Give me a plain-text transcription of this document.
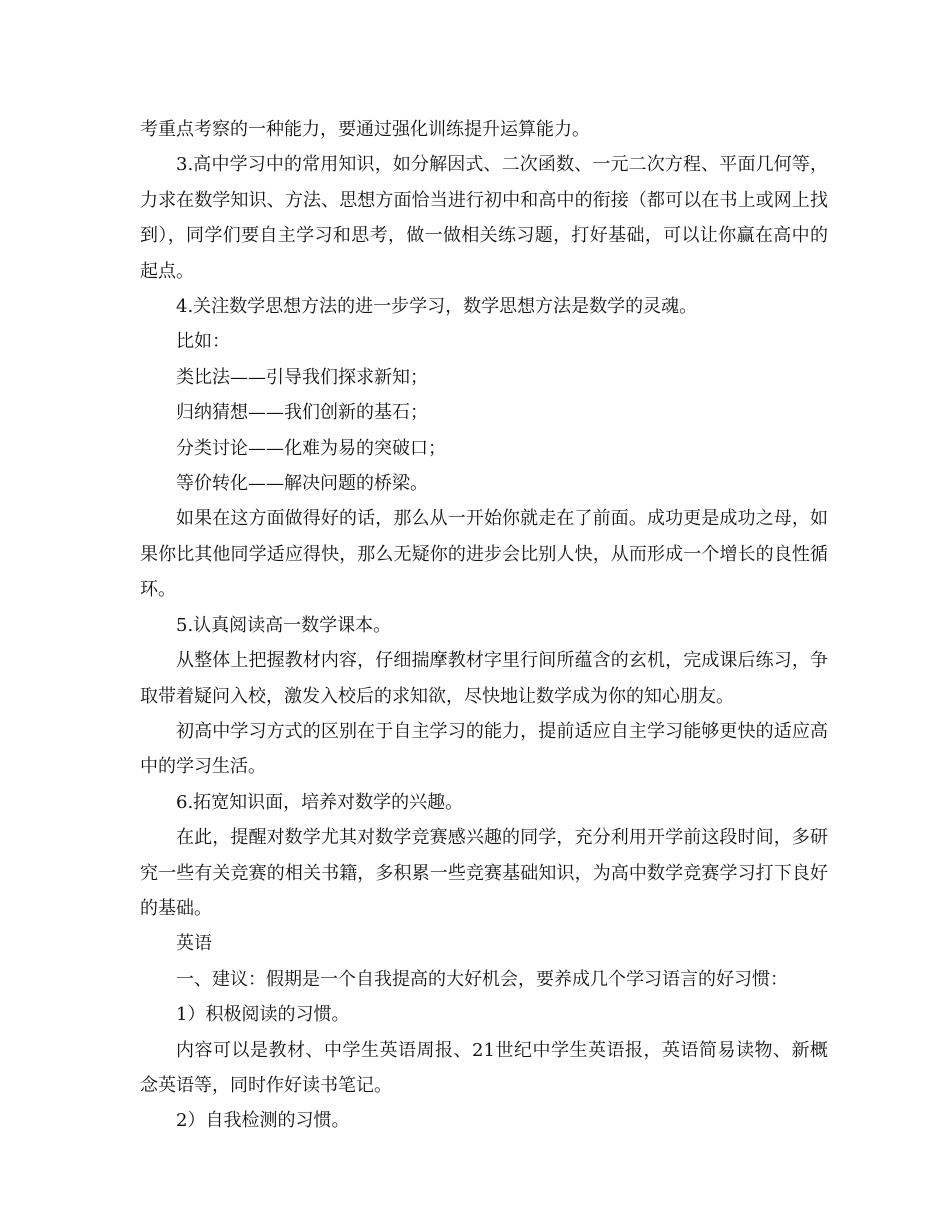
考重点考察的一种能力，要通过强化训练提升运算能力。

3.高中学习中的常用知识，如分解因式、二次函数、一元二次方程、平面几何等，力求在数学知识、方法、思想方面恰当进行初中和高中的衔接（都可以在书上或网上找到），同学们要自主学习和思考，做一做相关练习题，打好基础，可以让你赢在高中的起点。

4.关注数学思想方法的进一步学习，数学思想方法是数学的灵魂。

比如：

类比法——引导我们探求新知；

归纳猜想——我们创新的基石；

分类讨论——化难为易的突破口；

等价转化——解决问题的桥梁。

如果在这方面做得好的话，那么从一开始你就走在了前面。成功更是成功之母，如果你比其他同学适应得快，那么无疑你的进步会比别人快，从而形成一个增长的良性循环。

5.认真阅读高一数学课本。

从整体上把握教材内容，仔细揣摩教材字里行间所蕴含的玄机，完成课后练习，争取带着疑问入校，激发入校后的求知欲，尽快地让数学成为你的知心朋友。

初高中学习方式的区别在于自主学习的能力，提前适应自主学习能够更快的适应高中的学习生活。

6.拓宽知识面，培养对数学的兴趣。

在此，提醒对数学尤其对数学竞赛感兴趣的同学，充分利用开学前这段时间，多研究一些有关竞赛的相关书籍，多积累一些竞赛基础知识，为高中数学竞赛学习打下良好的基础。

英语

一、建议：假期是一个自我提高的大好机会，要养成几个学习语言的好习惯：

1）积极阅读的习惯。

内容可以是教材、中学生英语周报、21世纪中学生英语报，英语简易读物、新概念英语等，同时作好读书笔记。

2）自我检测的习惯。
